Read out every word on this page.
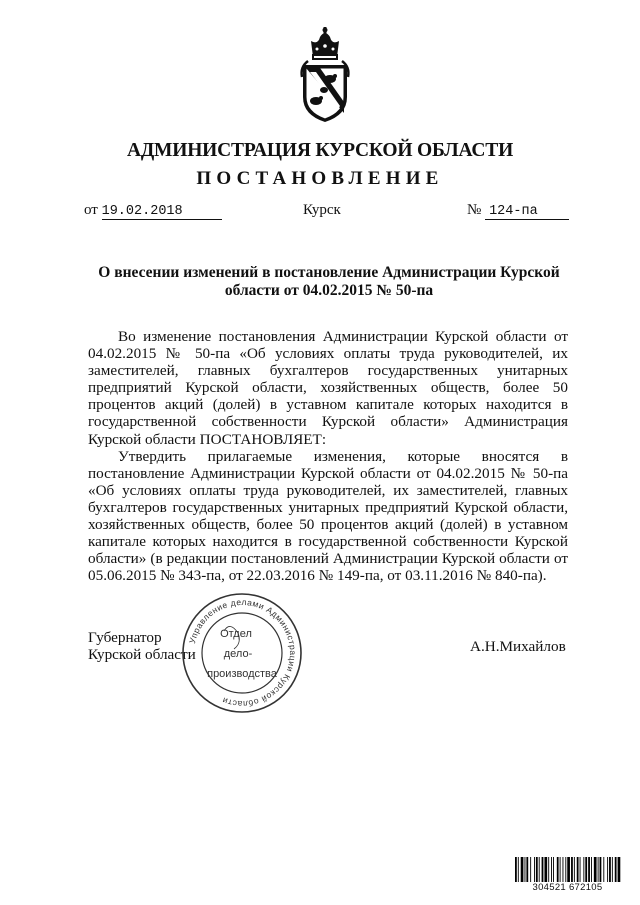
АДМИНИСТРАЦИЯ КУРСКОЙ ОБЛАСТИ
ПОСТАНОВЛЕНИЕ
от 19.02.2018	Курск	№ 124-па
О внесении изменений в постановление Администрации Курской
области от 04.02.2015 № 50-па

Во изменение постановления Администрации Курской области от 04.02.2015 № 50-па «Об условиях оплаты труда руководителей, их заместителей, главных бухгалтеров государственных унитарных предприятий Курской области, хозяйственных обществ, более 50 процентов акций (долей) в уставном капитале которых находится в государственной собственности Курской области» Администрация Курской области ПОСТАНОВЛЯЕТ:

Утвердить прилагаемые изменения, которые вносятся в постановление Администрации Курской области от 04.02.2015 № 50-па «Об условиях оплаты труда руководителей, их заместителей, главных бухгалтеров государственных унитарных предприятий Курской области, хозяйственных обществ, более 50 процентов акций (долей) в уставном капитале которых находится в государственной собственности Курской области» (в редакции постановлений Администрации Курской области от 05.06.2015 № 343-па, от 22.03.2016 № 149-па, от 03.11.2016 № 840-па).

Губернатор
Курской области	А.Н.Михайлов
Управление делами Администрации Курской области
Отдел
дело-
производства
304521 672105
